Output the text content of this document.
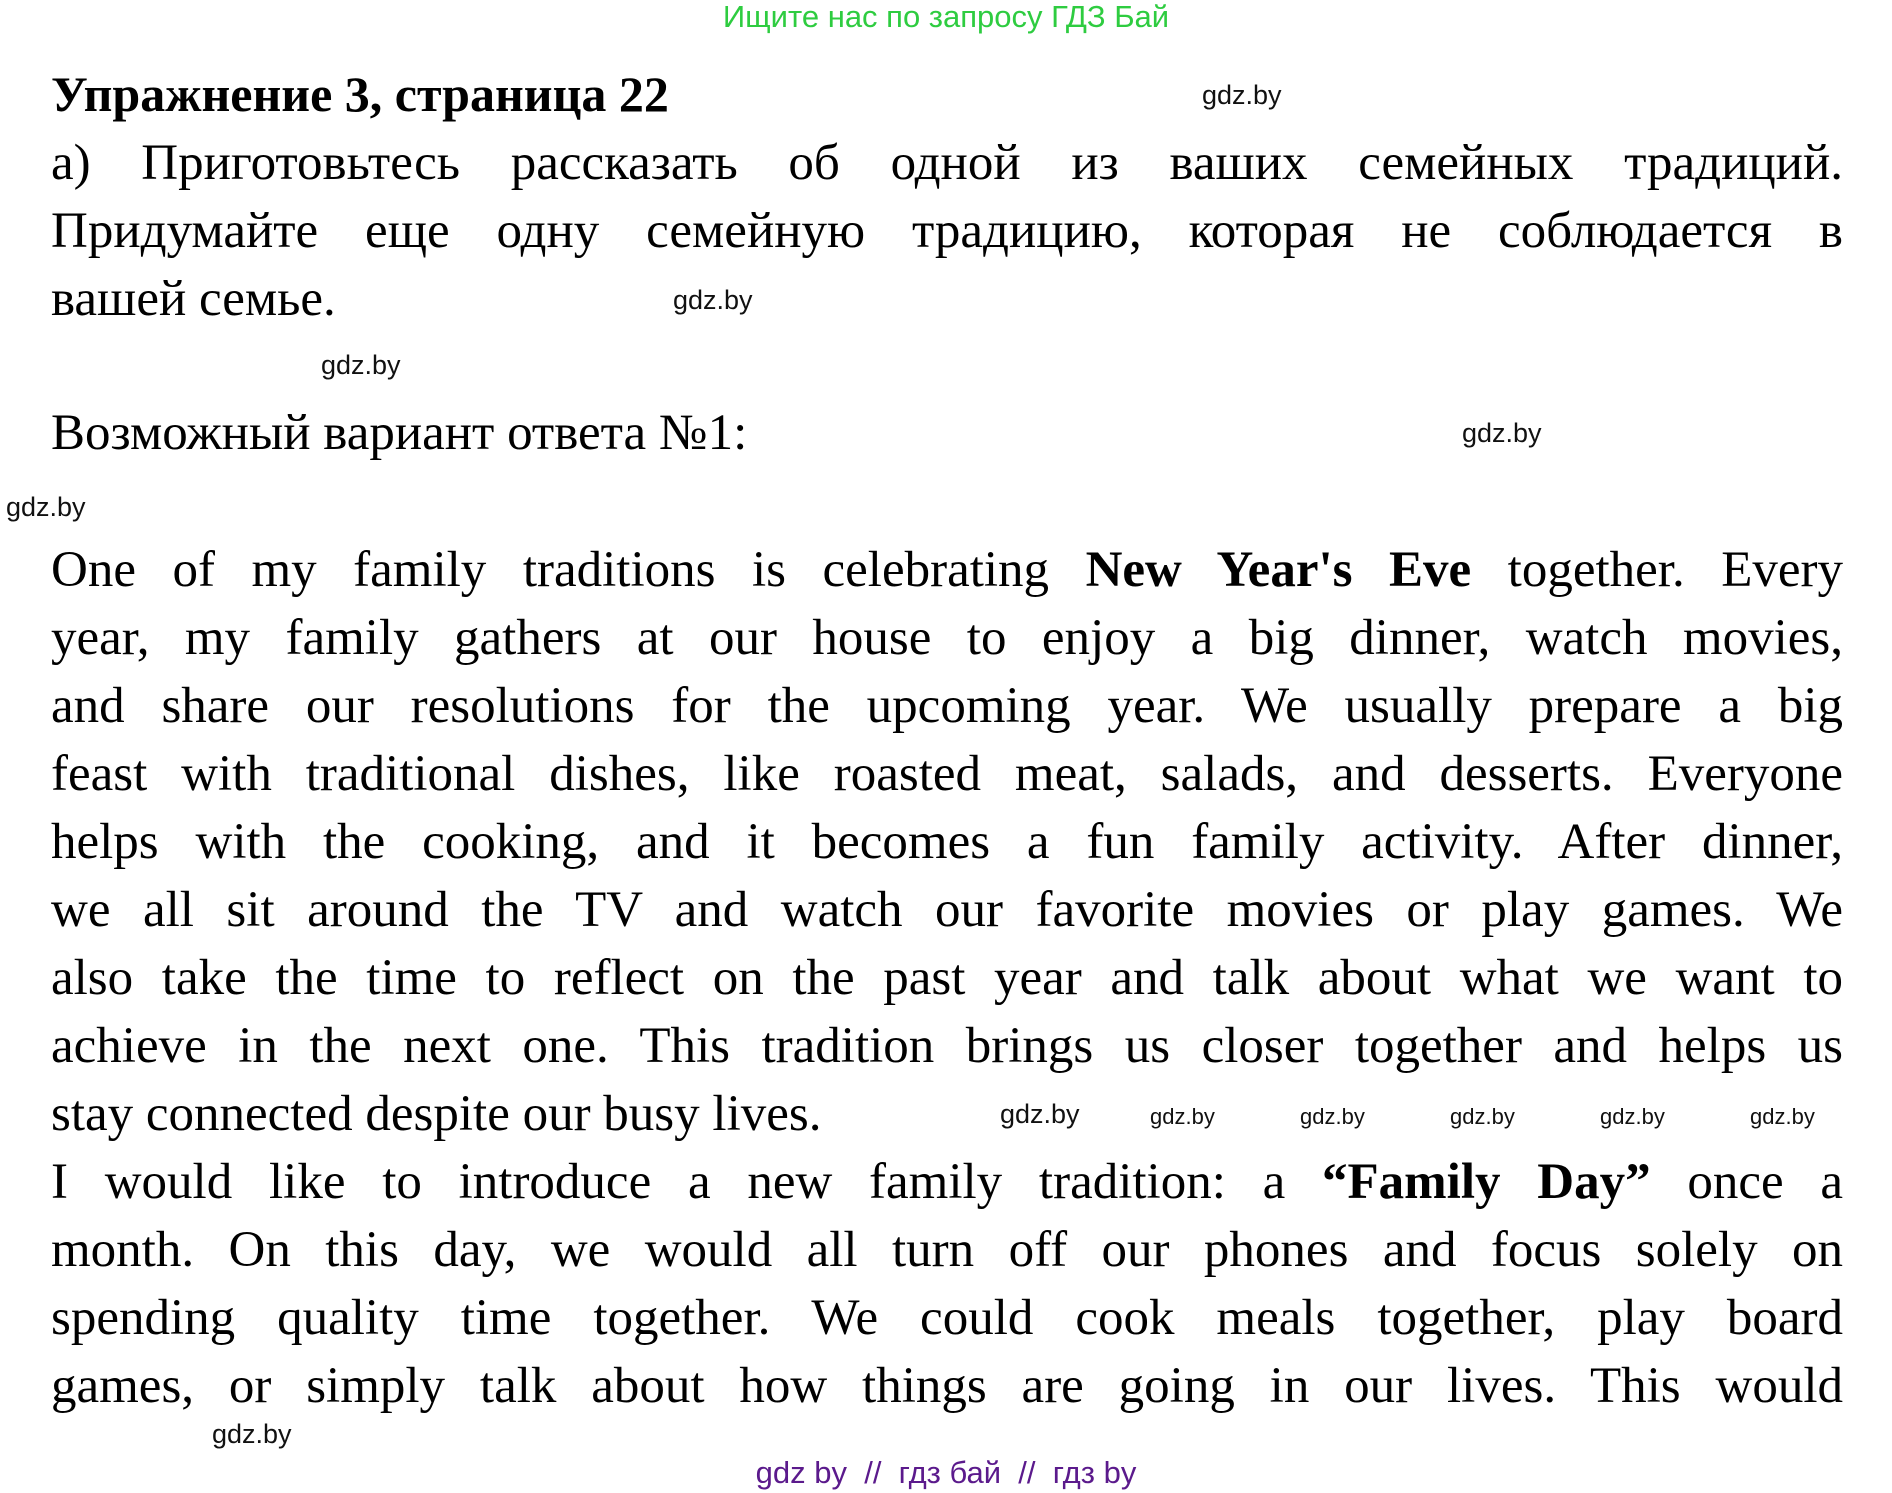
Ищите нас по запросу ГДЗ Бай
Упражнение 3, страница 22
а) Приготовьтесь рассказать об одной из ваших семейных традиций.
Придумайте еще одну семейную традицию, которая не соблюдается в
вашей семье.
Возможный вариант ответа №1:
One of my family traditions is celebrating New Year's Eve together. Every
year, my family gathers at our house to enjoy a big dinner, watch movies,
and share our resolutions for the upcoming year. We usually prepare a big
feast with traditional dishes, like roasted meat, salads, and desserts. Everyone
helps with the cooking, and it becomes a fun family activity. After dinner,
we all sit around the TV and watch our favorite movies or play games. We
also take the time to reflect on the past year and talk about what we want to
achieve in the next one. This tradition brings us closer together and helps us
stay connected despite our busy lives.
I would like to introduce a new family tradition: a “Family Day” once a
month. On this day, we would all turn off our phones and focus solely on
spending quality time together. We could cook meals together, play board
games, or simply talk about how things are going in our lives. This would
gdz.by
gdz.by
gdz.by
gdz.by
gdz.by
gdz.by	gdz.by	gdz.by	gdz.by	gdz.by	gdz.by
gdz.by
gdz by  //  гдз бай  //  гдз by
